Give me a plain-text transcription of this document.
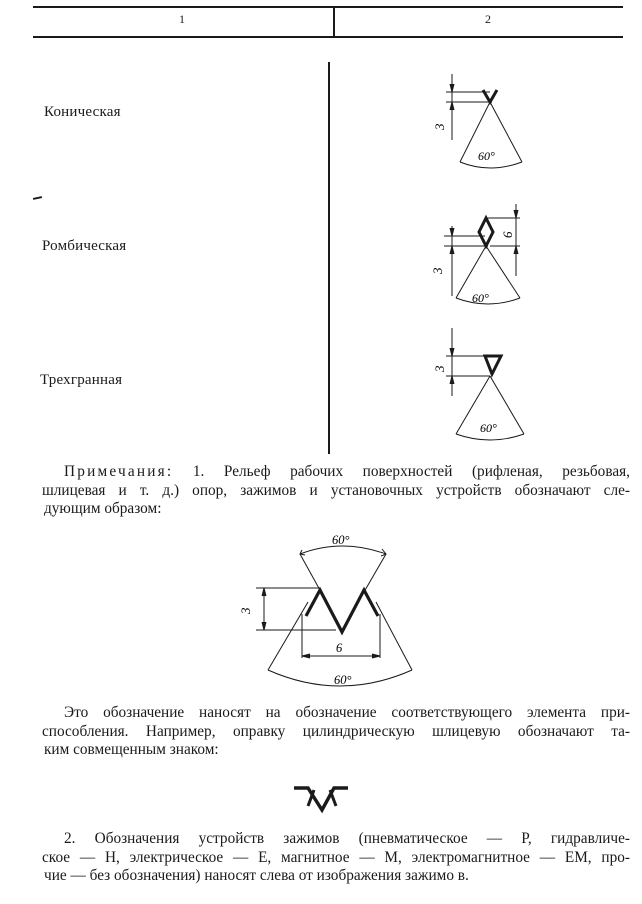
1	2
Коническая
Ромбическая
Трехгранная
3
60°
3
6
60°
3
60°
Примечания: 1. Рельеф рабочих поверхностей (рифленая, резьбовая,
шлицевая и т. д.) опор, зажимов и установочных устройств обозначают сле-
дующим образом:
60°
3
6
60°
Это обозначение наносят на обозначение соответствующего элемента при-
способления. Например, оправку цилиндрическую шлицевую обозначают та-
ким совмещенным знаком:
2. Обозначения устройств зажимов (пневматическое — Р, гидравличе-
ское — Н, электрическое — Е, магнитное — М, электромагнитное — ЕМ, про-
чие — без обозначения) наносят слева от изображения зажимо в.
